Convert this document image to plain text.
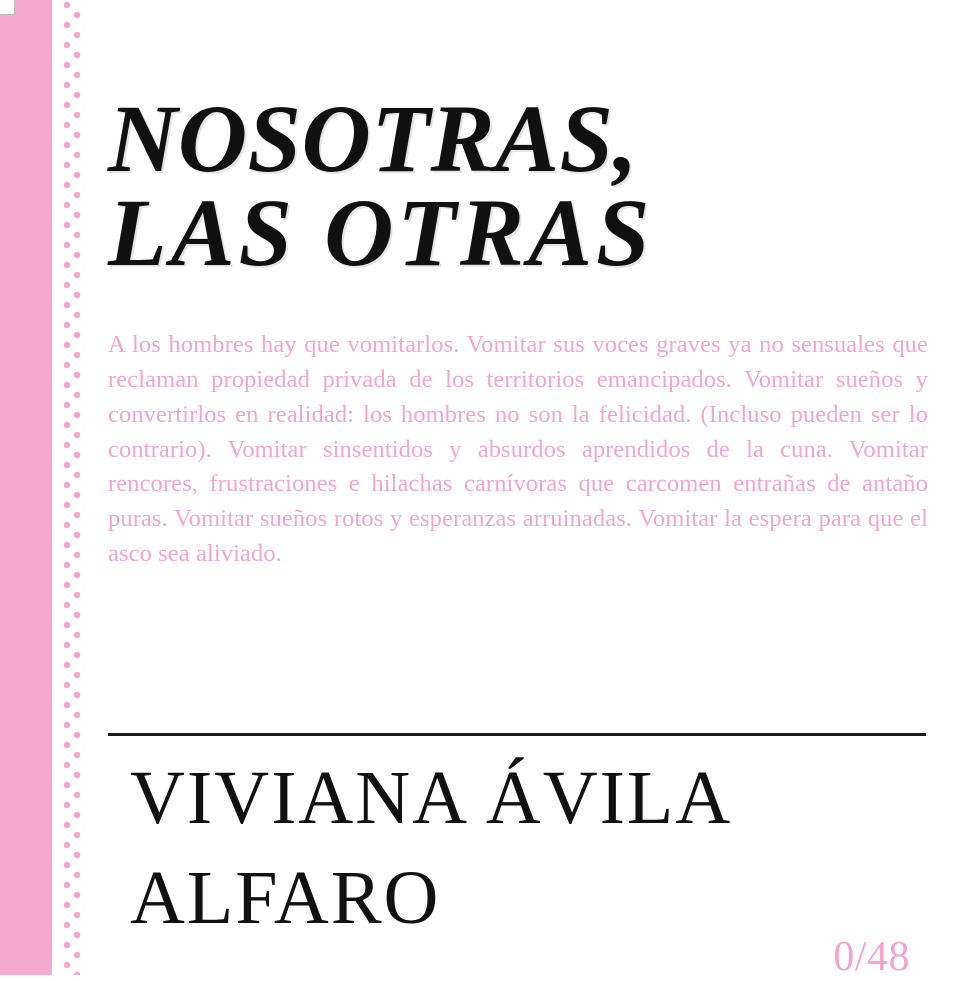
NOSOTRAS,
LAS OTRAS

A los hombres hay que vomitarlos. Vomitar sus voces graves ya no sensuales que reclaman propiedad privada de los territorios emancipados. Vomitar sueños y convertirlos en realidad: los hombres no son la felicidad. (Incluso pueden ser lo contrario). Vomitar sinsentidos y absurdos aprendidos de la cuna. Vomitar rencores, frustraciones e hilachas carnívoras que carcomen entrañas de antaño puras. Vomitar sueños rotos y esperanzas arruinadas. Vomitar la espera para que el asco sea aliviado.

VIVIANA ÁVILA
ALFARO
0/48
